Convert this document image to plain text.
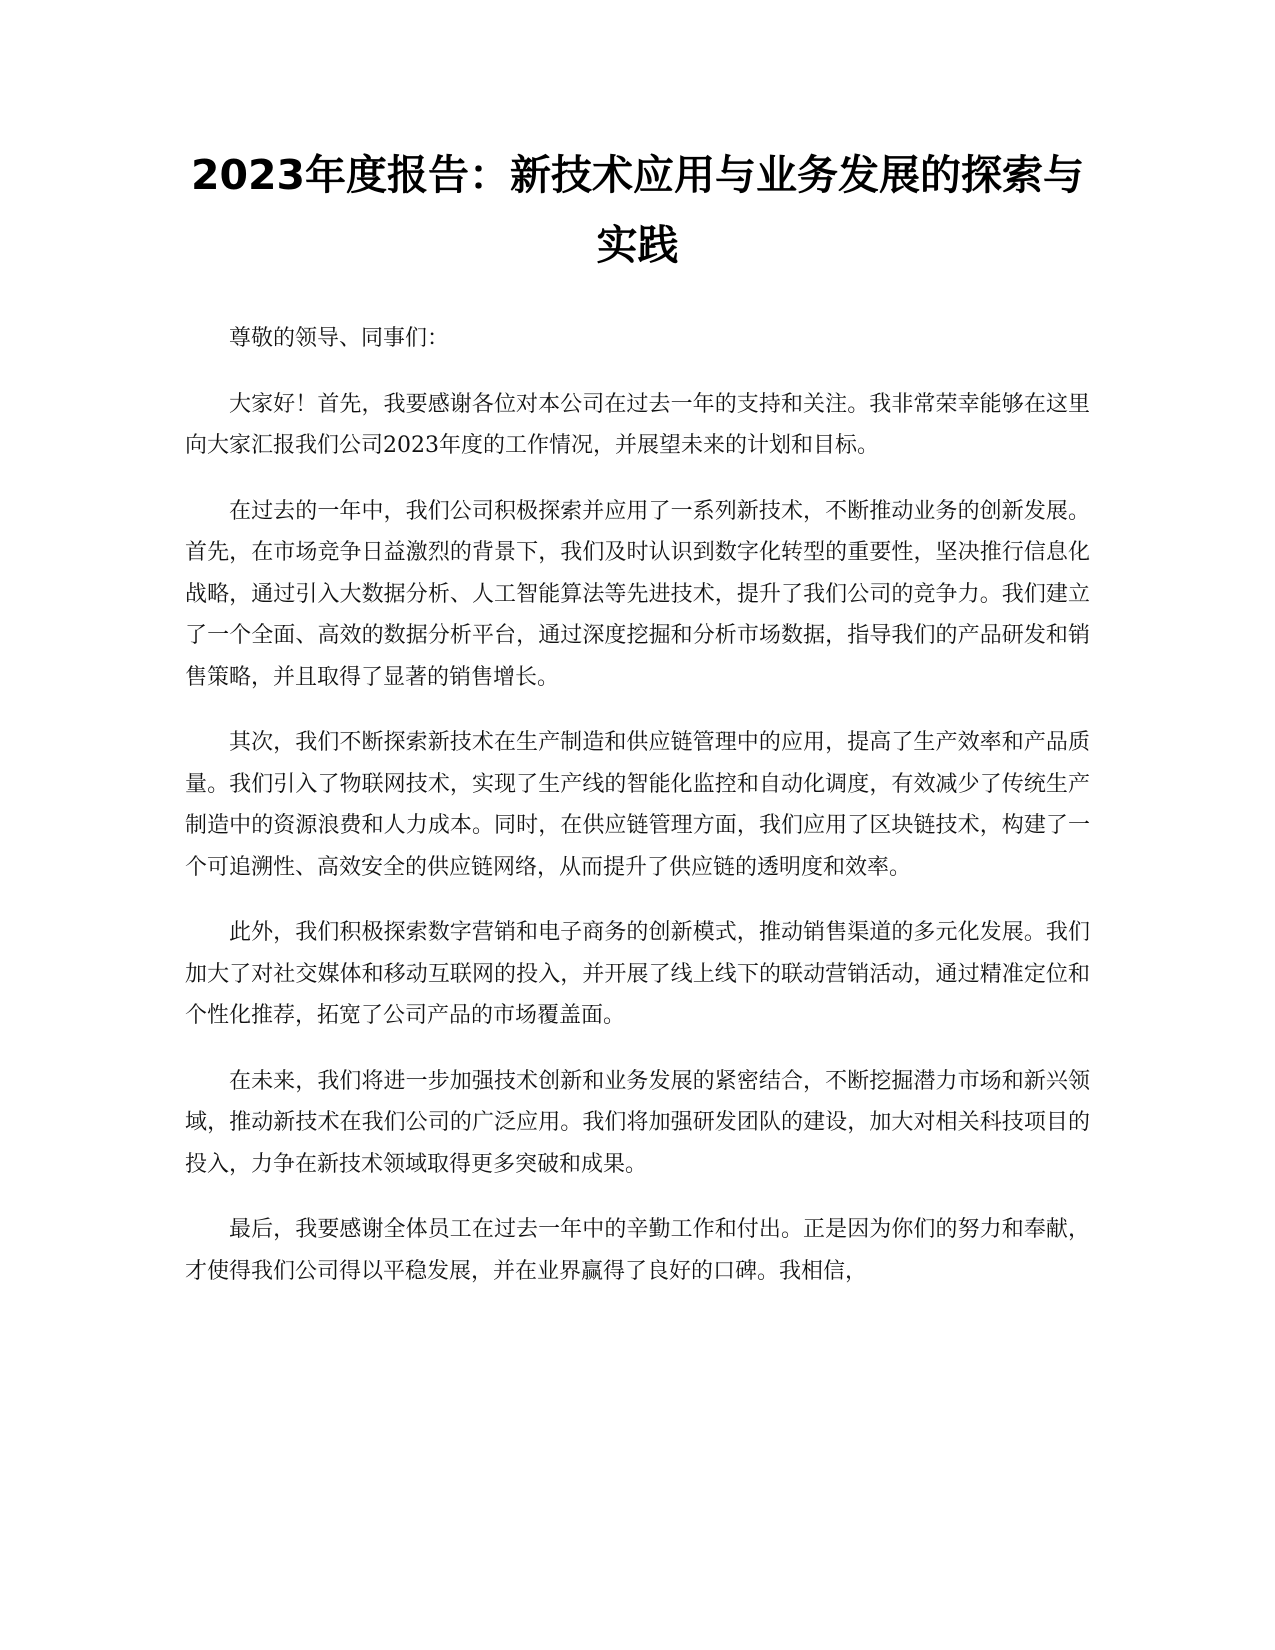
2023年度报告：新技术应用与业务发展的探索与实践

尊敬的领导、同事们：

大家好！首先，我要感谢各位对本公司在过去一年的支持和关注。我非常荣幸能够在这里向大家汇报我们公司2023年度的工作情况，并展望未来的计划和目标。

在过去的一年中，我们公司积极探索并应用了一系列新技术，不断推动业务的创新发展。首先，在市场竞争日益激烈的背景下，我们及时认识到数字化转型的重要性，坚决推行信息化战略，通过引入大数据分析、人工智能算法等先进技术，提升了我们公司的竞争力。我们建立了一个全面、高效的数据分析平台，通过深度挖掘和分析市场数据，指导我们的产品研发和销售策略，并且取得了显著的销售增长。

其次，我们不断探索新技术在生产制造和供应链管理中的应用，提高了生产效率和产品质量。我们引入了物联网技术，实现了生产线的智能化监控和自动化调度，有效减少了传统生产制造中的资源浪费和人力成本。同时，在供应链管理方面，我们应用了区块链技术，构建了一个可追溯性、高效安全的供应链网络，从而提升了供应链的透明度和效率。

此外，我们积极探索数字营销和电子商务的创新模式，推动销售渠道的多元化发展。我们加大了对社交媒体和移动互联网的投入，并开展了线上线下的联动营销活动，通过精准定位和个性化推荐，拓宽了公司产品的市场覆盖面。

在未来，我们将进一步加强技术创新和业务发展的紧密结合，不断挖掘潜力市场和新兴领域，推动新技术在我们公司的广泛应用。我们将加强研发团队的建设，加大对相关科技项目的投入，力争在新技术领域取得更多突破和成果。

最后，我要感谢全体员工在过去一年中的辛勤工作和付出。正是因为你们的努力和奉献，才使得我们公司得以平稳发展，并在业界赢得了良好的口碑。我相信，
